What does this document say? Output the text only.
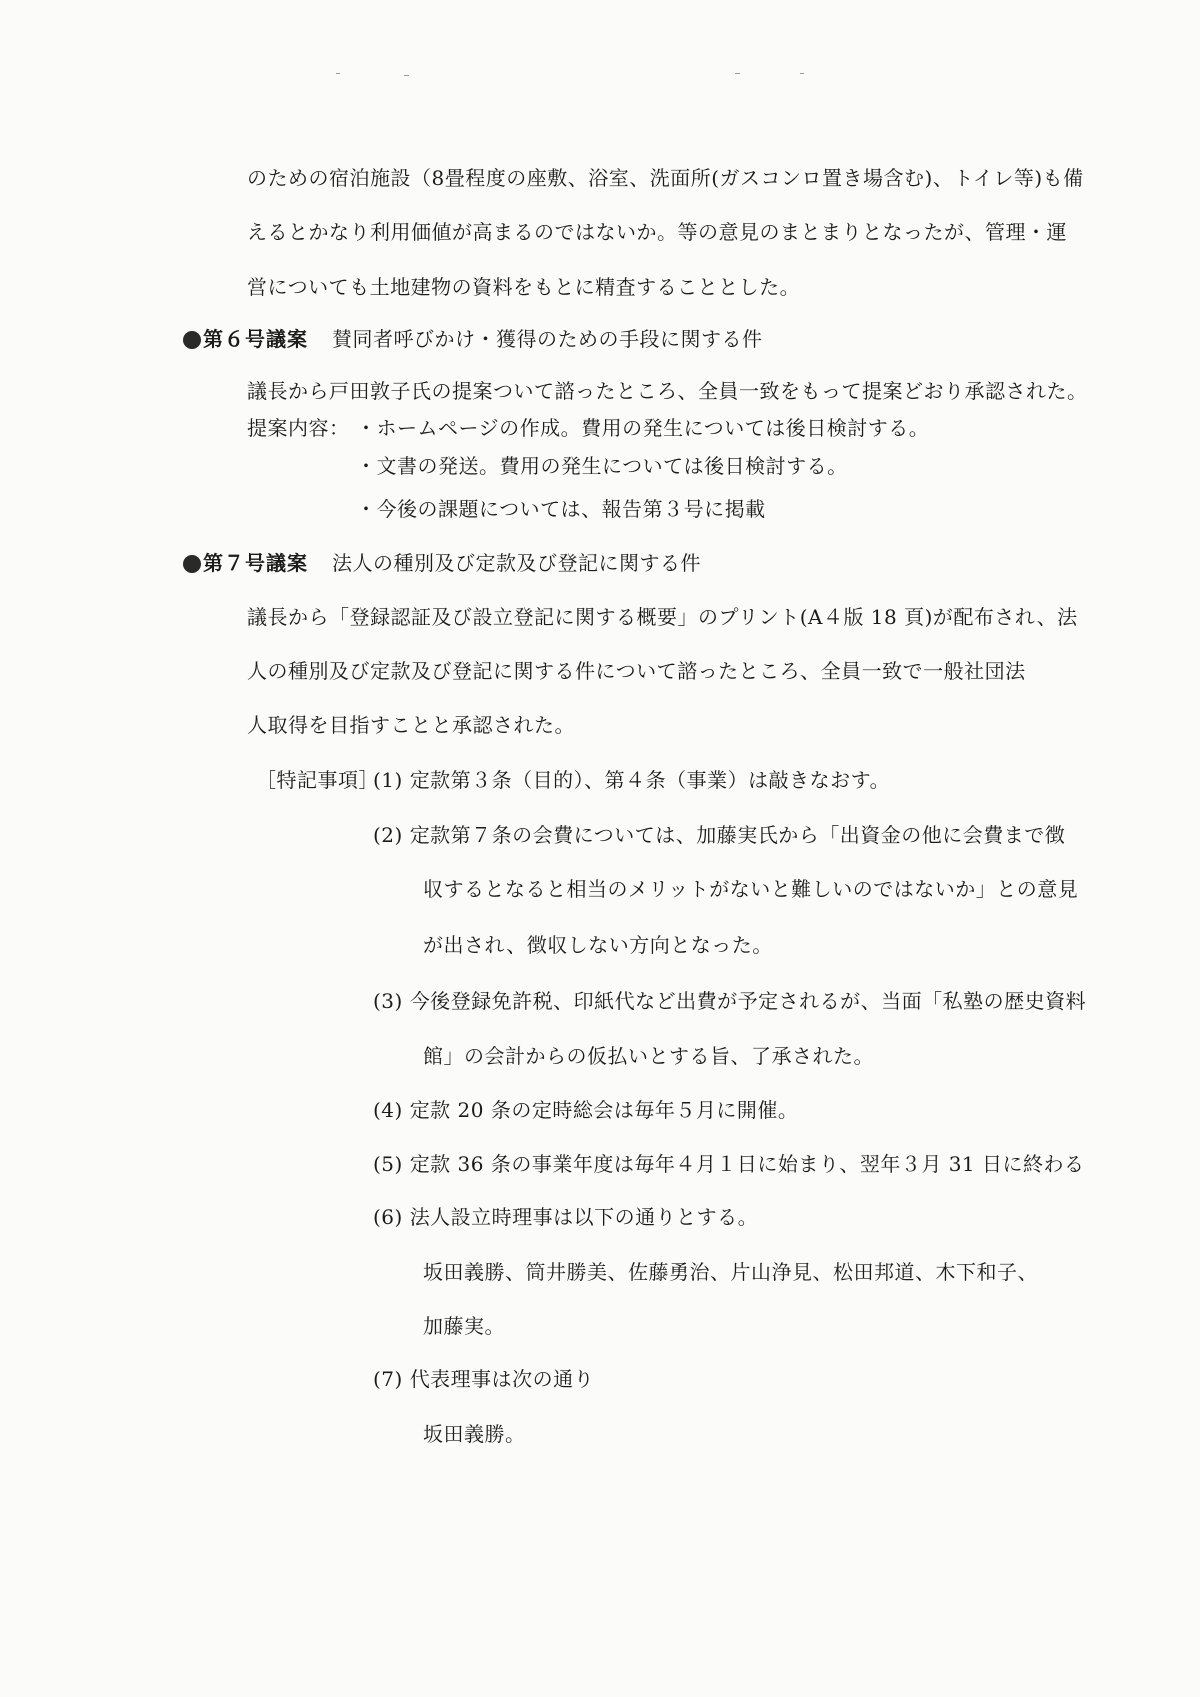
のための宿泊施設（8畳程度の座敷、浴室、洗面所(ガスコンロ置き場含む)、トイレ等)も備
えるとかなり利用価値が高まるのではないか。等の意見のまとまりとなったが、管理・運
営についても土地建物の資料をもとに精査することとした。
第６号議案 賛同者呼びかけ・獲得のための手段に関する件
議長から戸田敦子氏の提案ついて諮ったところ、全員一致をもって提案どおり承認された。
提案内容： ・ホームページの作成。費用の発生については後日検討する。
・文書の発送。費用の発生については後日検討する。
・今後の課題については、報告第３号に掲載
第７号議案 法人の種別及び定款及び登記に関する件
議長から「登録認証及び設立登記に関する概要」のプリント(A４版 18 頁)が配布され、法
人の種別及び定款及び登記に関する件について諮ったところ、全員一致で一般社団法
人取得を目指すことと承認された。
［特記事項］
(1) 定款第３条（目的）、第４条（事業）は敲きなおす。
(2) 定款第７条の会費については、加藤実氏から「出資金の他に会費まで徴
収するとなると相当のメリットがないと難しいのではないか」との意見
が出され、徴収しない方向となった。
(3) 今後登録免許税、印紙代など出費が予定されるが、当面「私塾の歴史資料
館」の会計からの仮払いとする旨、了承された。
(4) 定款 20 条の定時総会は毎年５月に開催。
(5) 定款 36 条の事業年度は毎年４月１日に始まり、翌年３月 31 日に終わる
(6) 法人設立時理事は以下の通りとする。
坂田義勝、筒井勝美、佐藤勇治、片山浄見、松田邦道、木下和子、
加藤実。
(7) 代表理事は次の通り
坂田義勝。
